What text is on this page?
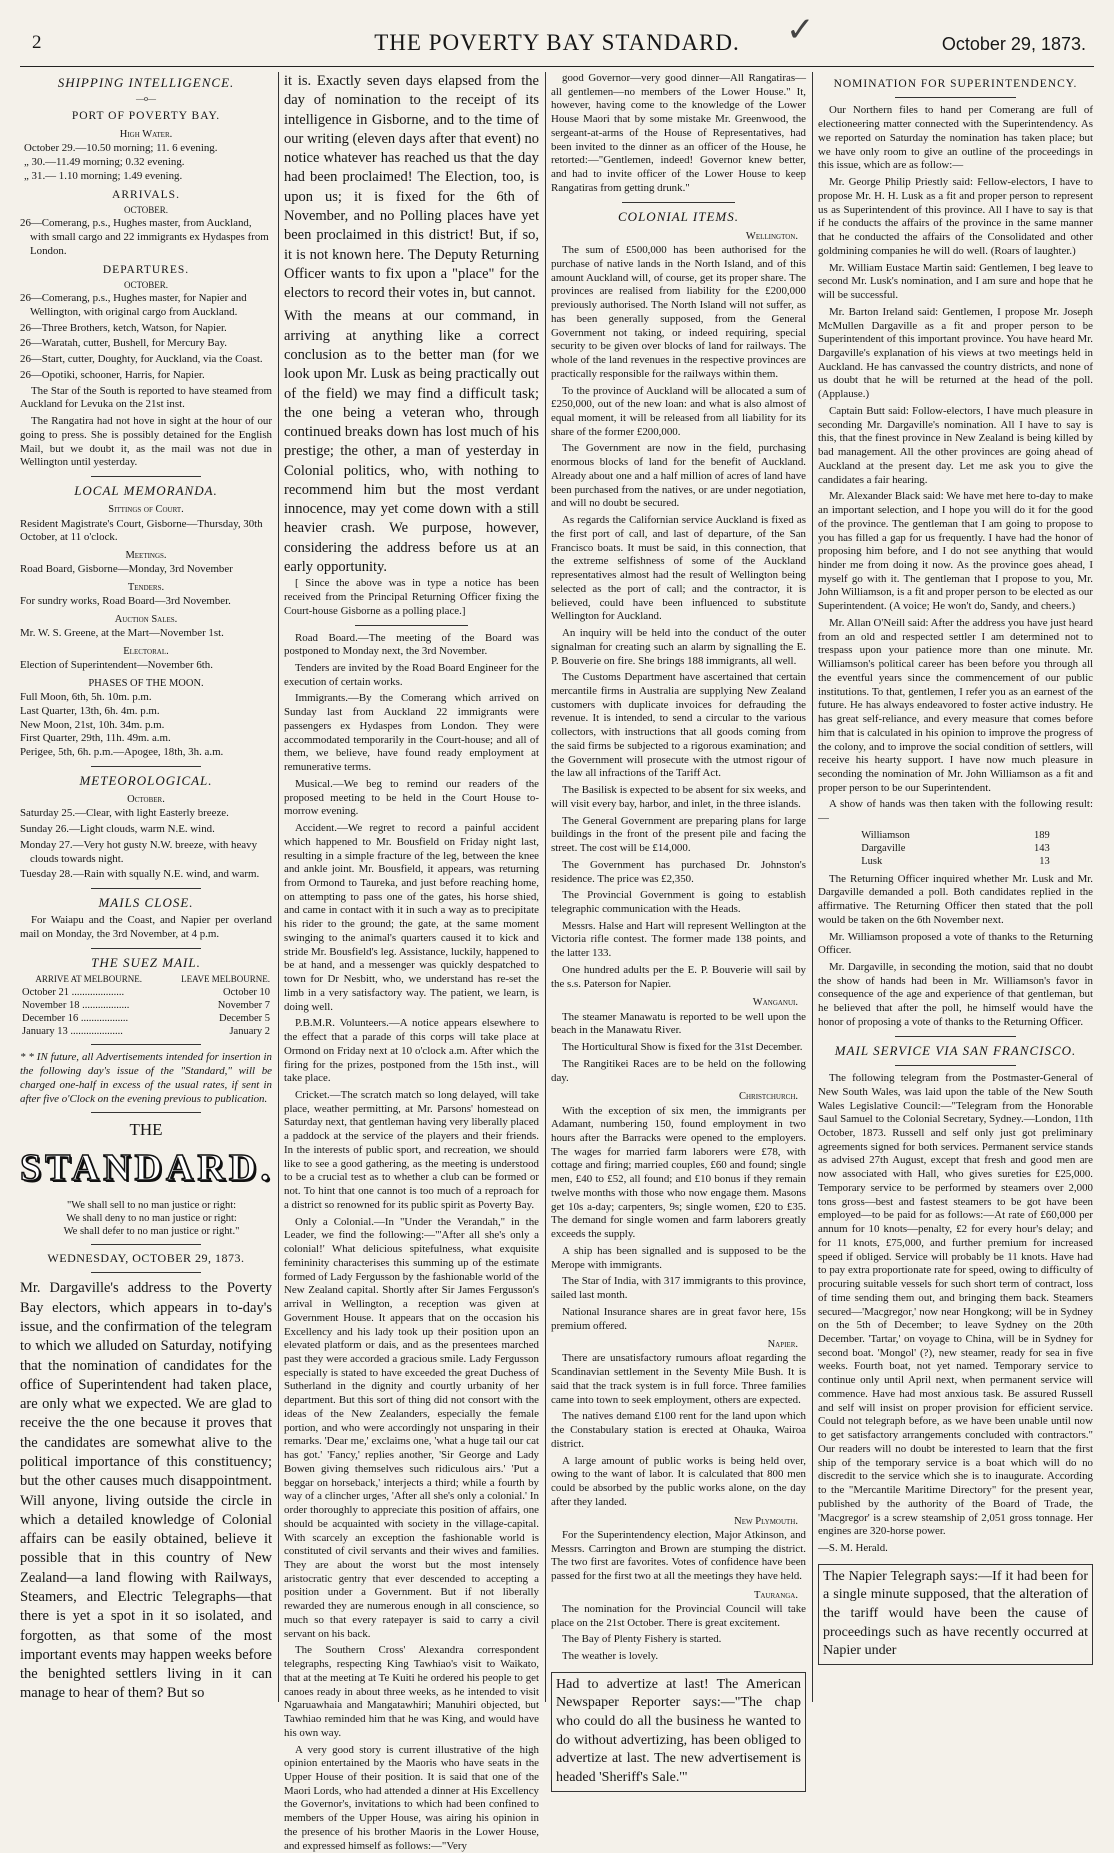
2	THE POVERTY BAY STANDARD.	✓	October 29, 1873.
SHIPPING INTELLIGENCE.
—o—
PORT OF POVERTY BAY.
High Water.

October 29.—10.50 morning; 11. 6 evening.

„ 30.—11.49 morning; 0.32 evening.

„ 31.— 1.10 morning; 1.49 evening.

ARRIVALS.
OCTOBER.

26—Comerang, p.s., Hughes master, from Auckland, with small cargo and 22 immigrants ex Hydaspes from London.

DEPARTURES.
OCTOBER.

26—Comerang, p.s., Hughes master, for Napier and Wellington, with original cargo from Auckland.

26—Three Brothers, ketch, Watson, for Napier.

26—Waratah, cutter, Bushell, for Mercury Bay.

26—Start, cutter, Doughty, for Auckland, via the Coast.

26—Opotiki, schooner, Harris, for Napier.

The Star of the South is reported to have steamed from Auckland for Levuka on the 21st inst.

The Rangatira had not hove in sight at the hour of our going to press. She is possibly detained for the English Mail, but we doubt it, as the mail was not due in Wellington until yesterday.

LOCAL MEMORANDA.
Sittings of Court.

Resident Magistrate's Court, Gisborne—Thursday, 30th October, at 11 o'clock.

Meetings.

Road Board, Gisborne—Monday, 3rd November

Tenders.

For sundry works, Road Board—3rd November.

Auction Sales.

Mr. W. S. Greene, at the Mart—November 1st.

Electoral.

Election of Superintendent—November 6th.

PHASES OF THE MOON.

Full Moon, 6th, 5h. 10m. p.m.

Last Quarter, 13th, 6h. 4m. p.m.

New Moon, 21st, 10h. 34m. p.m.

First Quarter, 29th, 11h. 49m. a.m.

Perigee, 5th, 6h. p.m.—Apogee, 18th, 3h. a.m.

METEOROLOGICAL.
October.

Saturday 25.—Clear, with light Easterly breeze.

Sunday 26.—Light clouds, warm N.E. wind.

Monday 27.—Very hot gusty N.W. breeze, with heavy clouds towards night.

Tuesday 28.—Rain with squally N.E. wind, and warm.

MAILS CLOSE.

For Waiapu and the Coast, and Napier per overland mail on Monday, the 3rd November, at 4 p.m.

THE SUEZ MAIL.
ARRIVE AT MELBOURNE.	LEAVE MELBOURNE.
October 21 ....................	October 10
November 18 ..................	November 7
December 16 ..................	December 5
January 13 ....................	January 2

* * IN future, all Advertisements intended for insertion in the following day's issue of the "Standard," will be charged one-half in excess of the usual rates, if sent in after five o'Clock on the evening previous to publication.

THE
STANDARD.

"We shall sell to no man justice or right:

We shall deny to no man justice or right:

We shall defer to no man justice or right."

WEDNESDAY, OCTOBER 29, 1873.

Mr. Dargaville's address to the Poverty Bay electors, which appears in to-day's issue, and the confirmation of the telegram to which we alluded on Saturday, notifying that the nomination of candidates for the office of Superintendent had taken place, are only what we expected. We are glad to receive the the one because it proves that the candidates are somewhat alive to the political importance of this constituency; but the other causes much disappointment. Will anyone, living outside the circle in which a detailed knowledge of Colonial affairs can be easily obtained, believe it possible that in this country of New Zealand—a land flowing with Railways, Steamers, and Electric Telegraphs—that there is yet a spot in it so isolated, and forgotten, as that some of the most important events may happen weeks before the benighted settlers living in it can manage to hear of them? But so

it is. Exactly seven days elapsed from the day of nomination to the receipt of its intelligence in Gisborne, and to the time of our writing (eleven days after that event) no notice whatever has reached us that the day had been proclaimed! The Election, too, is upon us; it is fixed for the 6th of November, and no Polling places have yet been proclaimed in this district! But, if so, it is not known here. The Deputy Returning Officer wants to fix upon a "place" for the electors to record their votes in, but cannot.

With the means at our command, in arriving at anything like a correct conclusion as to the better man (for we look upon Mr. Lusk as being practically out of the field) we may find a difficult task; the one being a veteran who, through continued breaks down has lost much of his prestige; the other, a man of yesterday in Colonial politics, who, with nothing to recommend him but the most verdant innocence, may yet come down with a still heavier crash. We purpose, however, considering the address before us at an early opportunity.

[ Since the above was in type a notice has been received from the Principal Returning Officer fixing the Court-house Gisborne as a polling place.]

Road Board.—The meeting of the Board was postponed to Monday next, the 3rd November.

Tenders are invited by the Road Board Engineer for the execution of certain works.

Immigrants.—By the Comerang which arrived on Sunday last from Auckland 22 immigrants were passengers ex Hydaspes from London. They were accommodated temporarily in the Court-house; and all of them, we believe, have found ready employment at remunerative terms.

Musical.—We beg to remind our readers of the proposed meeting to be held in the Court House to-morrow evening.

Accident.—We regret to record a painful accident which happened to Mr. Bousfield on Friday night last, resulting in a simple fracture of the leg, between the knee and ankle joint. Mr. Bousfield, it appears, was returning from Ormond to Taureka, and just before reaching home, on attempting to pass one of the gates, his horse shied, and came in contact with it in such a way as to precipitate his rider to the ground; the gate, at the same moment swinging to the animal's quarters caused it to kick and stride Mr. Bousfield's leg. Assistance, luckily, happened to be at hand, and a messenger was quickly despatched to town for Dr Nesbitt, who, we understand has re-set the limb in a very satisfactory way. The patient, we learn, is doing well.

P.B.M.R. Volunteers.—A notice appears elsewhere to the effect that a parade of this corps will take place at Ormond on Friday next at 10 o'clock a.m. After which the firing for the prizes, postponed from the 15th inst., will take place.

Cricket.—The scratch match so long delayed, will take place, weather permitting, at Mr. Parsons' homestead on Saturday next, that gentleman having very liberally placed a paddock at the service of the players and their friends. In the interests of public sport, and recreation, we should like to see a good gathering, as the meeting is understood to be a crucial test as to whether a club can be formed or not. To hint that one cannot is too much of a reproach for a district so renowned for its public spirit as Poverty Bay.

Only a Colonial.—In "Under the Verandah," in the Leader, we find the following:—"'After all she's only a colonial!' What delicious spitefulness, what exquisite femininity characterises this summing up of the estimate formed of Lady Fergusson by the fashionable world of the New Zealand capital. Shortly after Sir James Fergusson's arrival in Wellington, a reception was given at Government House. It appears that on the occasion his Excellency and his lady took up their position upon an elevated platform or dais, and as the presentees marched past they were accorded a gracious smile. Lady Fergusson especially is stated to have exceeded the great Duchess of Sutherland in the dignity and courtly urbanity of her department. But this sort of thing did not consort with the ideas of the New Zealanders, especially the female portion, and who were accordingly not unsparing in their remarks. 'Dear me,' exclaims one, 'what a huge tail our cat has got.' 'Fancy,' replies another, 'Sir George and Lady Bowen giving themselves such ridiculous airs.' 'Put a beggar on horseback,' interjects a third; while a fourth by way of a clincher urges, 'After all she's only a colonial.' In order thoroughly to appreciate this position of affairs, one should be acquainted with society in the village-capital. With scarcely an exception the fashionable world is constituted of civil servants and their wives and families. They are about the worst but the most intensely aristocratic gentry that ever descended to accepting a position under a Government. But if not liberally rewarded they are numerous enough in all conscience, so much so that every ratepayer is said to carry a civil servant on his back.

The Southern Cross' Alexandra correspondent telegraphs, respecting King Tawhiao's visit to Waikato, that at the meeting at Te Kuiti he ordered his people to get canoes ready in about three weeks, as he intended to visit Ngaruawhaia and Mangatawhiri; Manuhiri objected, but Tawhiao reminded him that he was King, and would have his own way.

A very good story is current illustrative of the high opinion entertained by the Maoris who have seats in the Upper House of their position. It is said that one of the Maori Lords, who had attended a dinner at His Excellency the Governor's, invitations to which had been confined to members of the Upper House, was airing his opinion in the presence of his brother Maoris in the Lower House, and expressed himself as follows:—"Very

good Governor—very good dinner—All Rangatiras—all gentlemen—no members of the Lower House." It, however, having come to the knowledge of the Lower House Maori that by some mistake Mr. Greenwood, the sergeant-at-arms of the House of Representatives, had been invited to the dinner as an officer of the House, he retorted:—"Gentlemen, indeed! Governor knew better, and had to invite officer of the Lower House to keep Rangatiras from getting drunk."

COLONIAL ITEMS.
Wellington.

The sum of £500,000 has been authorised for the purchase of native lands in the North Island, and of this amount Auckland will, of course, get its proper share. The provinces are realised from liability for the £200,000 previously authorised. The North Island will not suffer, as has been generally supposed, from the General Government not taking, or indeed requiring, special security to be given over blocks of land for railways. The whole of the land revenues in the respective provinces are practically responsible for the railways within them.

To the province of Auckland will be allocated a sum of £250,000, out of the new loan: and what is also almost of equal moment, it will be released from all liability for its share of the former £200,000.

The Government are now in the field, purchasing enormous blocks of land for the benefit of Auckland. Already about one and a half million of acres of land have been purchased from the natives, or are under negotiation, and will no doubt be secured.

As regards the Californian service Auckland is fixed as the first port of call, and last of departure, of the San Francisco boats. It must be said, in this connection, that the extreme selfishness of some of the Auckland representatives almost had the result of Wellington being selected as the port of call; and the contractor, it is believed, could have been influenced to substitute Wellington for Auckland.

An inquiry will be held into the conduct of the outer signalman for creating such an alarm by signalling the E. P. Bouverie on fire. She brings 188 immigrants, all well.

The Customs Department have ascertained that certain mercantile firms in Australia are supplying New Zealand customers with duplicate invoices for defrauding the revenue. It is intended, to send a circular to the various collectors, with instructions that all goods coming from the said firms be subjected to a rigorous examination; and the Government will prosecute with the utmost rigour of the law all infractions of the Tariff Act.

The Basilisk is expected to be absent for six weeks, and will visit every bay, harbor, and inlet, in the three islands.

The General Government are preparing plans for large buildings in the front of the present pile and facing the street. The cost will be £14,000.

The Government has purchased Dr. Johnston's residence. The price was £2,350.

The Provincial Government is going to establish telegraphic communication with the Heads.

Messrs. Halse and Hart will represent Wellington at the Victoria rifle contest. The former made 138 points, and the latter 133.

One hundred adults per the E. P. Bouverie will sail by the s.s. Paterson for Napier.

Wanganui.

The steamer Manawatu is reported to be well upon the beach in the Manawatu River.

The Horticultural Show is fixed for the 31st December.

The Rangitikei Races are to be held on the following day.

Christchurch.

With the exception of six men, the immigrants per Adamant, numbering 150, found employment in two hours after the Barracks were opened to the employers. The wages for married farm laborers were £78, with cottage and firing; married couples, £60 and found; single men, £40 to £52, all found; and £10 bonus if they remain twelve months with those who now engage them. Masons get 10s a-day; carpenters, 9s; single women, £20 to £35. The demand for single women and farm laborers greatly exceeds the supply.

A ship has been signalled and is supposed to be the Merope with immigrants.

The Star of India, with 317 immigrants to this province, sailed last month.

National Insurance shares are in great favor here, 15s premium offered.

Napier.

There are unsatisfactory rumours afloat regarding the Scandinavian settlement in the Seventy Mile Bush. It is said that the track system is in full force. Three families came into town to seek employment, others are expected.

The natives demand £100 rent for the land upon which the Constabulary station is erected at Ohauka, Wairoa district.

A large amount of public works is being held over, owing to the want of labor. It is calculated that 800 men could be absorbed by the public works alone, on the day after they landed.

New Plymouth.

For the Superintendency election, Major Atkinson, and Messrs. Carrington and Brown are stumping the district. The two first are favorites. Votes of confidence have been passed for the first two at all the meetings they have held.

Tauranga.

The nomination for the Provincial Council will take place on the 21st October. There is great excitement.

The Bay of Plenty Fishery is started.

The weather is lovely.

Had to advertize at last! The American Newspaper Reporter says:—"The chap who could do all the business he wanted to do without advertizing, has been obliged to advertize at last. The new advertisement is headed 'Sheriff's Sale.'"

NOMINATION FOR SUPERINTENDENCY.

Our Northern files to hand per Comerang are full of electioneering matter connected with the Superintendency. As we reported on Saturday the nomination has taken place; but we have only room to give an outline of the proceedings in this issue, which are as follow:—

Mr. George Philip Priestly said: Fellow-electors, I have to propose Mr. H. H. Lusk as a fit and proper person to represent us as Superintendent of this province. All I have to say is that if he conducts the affairs of the province in the same manner that he conducted the affairs of the Consolidated and other goldmining companies he will do well. (Roars of laughter.)

Mr. William Eustace Martin said: Gentlemen, I beg leave to second Mr. Lusk's nomination, and I am sure and hope that he will be successful.

Mr. Barton Ireland said: Gentlemen, I propose Mr. Joseph McMullen Dargaville as a fit and proper person to be Superintendent of this important province. You have heard Mr. Dargaville's explanation of his views at two meetings held in Auckland. He has canvassed the country districts, and none of us doubt that he will be returned at the head of the poll. (Applause.)

Captain Butt said: Follow-electors, I have much pleasure in seconding Mr. Dargaville's nomination. All I have to say is this, that the finest province in New Zealand is being killed by bad management. All the other provinces are going ahead of Auckland at the present day. Let me ask you to give the candidates a fair hearing.

Mr. Alexander Black said: We have met here to-day to make an important selection, and I hope you will do it for the good of the province. The gentleman that I am going to propose to you has filled a gap for us frequently. I have had the honor of proposing him before, and I do not see anything that would hinder me from doing it now. As the province goes ahead, I myself go with it. The gentleman that I propose to you, Mr. John Williamson, is a fit and proper person to be elected as our Superintendent. (A voice; He won't do, Sandy, and cheers.)

Mr. Allan O'Neill said: After the address you have just heard from an old and respected settler I am determined not to trespass upon your patience more than one minute. Mr. Williamson's political career has been before you through all the eventful years since the commencement of our public institutions. To that, gentlemen, I refer you as an earnest of the future. He has always endeavored to foster active industry. He has great self-reliance, and every measure that comes before him that is calculated in his opinion to improve the progress of the colony, and to improve the social condition of settlers, will receive his hearty support. I have now much pleasure in seconding the nomination of Mr. John Williamson as a fit and proper person to be our Superintendent.

A show of hands was then taken with the following result:—

Williamson	189
Dargaville	143
Lusk	13

The Returning Officer inquired whether Mr. Lusk and Mr. Dargaville demanded a poll. Both candidates replied in the affirmative. The Returning Officer then stated that the poll would be taken on the 6th November next.

Mr. Williamson proposed a vote of thanks to the Returning Officer.

Mr. Dargaville, in seconding the motion, said that no doubt the show of hands had been in Mr. Williamson's favor in consequence of the age and experience of that gentleman, but he believed that after the poll, he himself would have the honor of proposing a vote of thanks to the Returning Officer.

MAIL SERVICE VIA SAN FRANCISCO.

The following telegram from the Postmaster-General of New South Wales, was laid upon the table of the New South Wales Legislative Council:—"Telegram from the Honorable Saul Samuel to the Colonial Secretary, Sydney.—London, 11th October, 1873. Russell and self only just got preliminary agreements signed for both services. Permanent service stands as advised 27th August, except that fresh and good men are now associated with Hall, who gives sureties for £25,000. Temporary service to be performed by steamers over 2,000 tons gross—best and fastest steamers to be got have been employed—to be paid for as follows:—At rate of £60,000 per annum for 10 knots—penalty, £2 for every hour's delay; and for 11 knots, £75,000, and further premium for increased speed if obliged. Service will probably be 11 knots. Have had to pay extra proportionate rate for speed, owing to difficulty of procuring suitable vessels for such short term of contract, loss of time sending them out, and bringing them back. Steamers secured—'Macgregor,' now near Hongkong; will be in Sydney on the 5th of December; to leave Sydney on the 20th December. 'Tartar,' on voyage to China, will be in Sydney for second boat. 'Mongol' (?), new steamer, ready for sea in five weeks. Fourth boat, not yet named. Temporary service to continue only until April next, when permanent service will commence. Have had most anxious task. Be assured Russell and self will insist on proper provision for efficient service. Could not telegraph before, as we have been unable until now to get satisfactory arrangements concluded with contractors." Our readers will no doubt be interested to learn that the first ship of the temporary service is a boat which will do no discredit to the service which she is to inaugurate. According to the "Mercantile Maritime Directory" for the present year, published by the authority of the Board of Trade, the 'Macgregor' is a screw steamship of 2,051 gross tonnage. Her engines are 320-horse power.

—S. M. Herald.

The Napier Telegraph says:—If it had been for a single minute supposed, that the alteration of the tariff would have been the cause of proceedings such as have recently occurred at Napier under
